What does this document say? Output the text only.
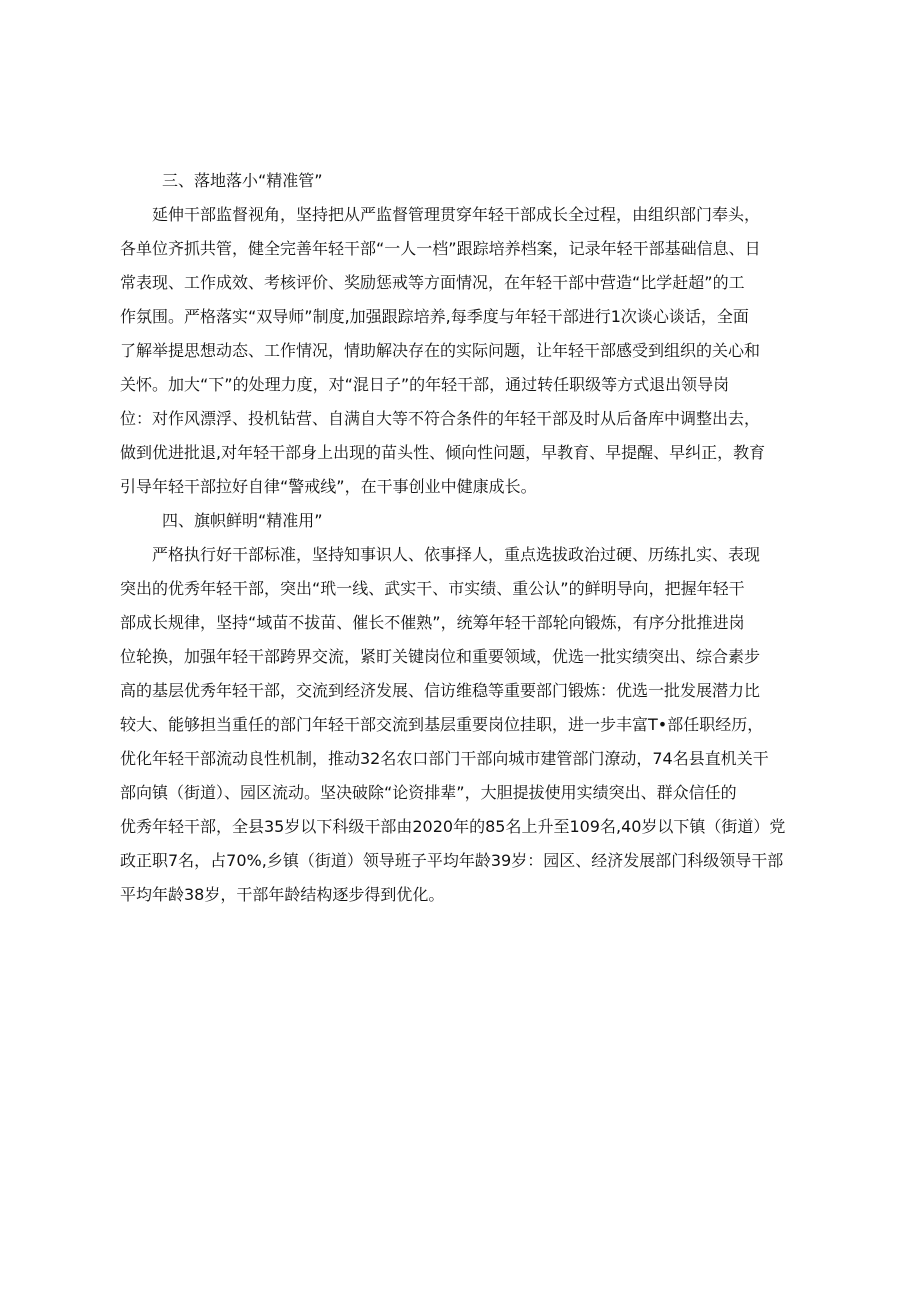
三、落地落小“精准管”

延伸干部监督视角，坚持把从严监督管理贯穿年轻干部成长全过程，由组织部门奉头，
各单位齐抓共管，健全完善年轻干部“一人一档”跟踪培养档案，记录年轻干部基础信息、日
常表现、工作成效、考核评价、奖励惩戒等方面情况，在年轻干部中营造“比学赶超”的工
作氛围。严格落实“双导师”制度,加强跟踪培养,每季度与年轻干部进行1次谈心谈话，全面
了解举提思想动态、工作情况，情助解决存在的实际问题，让年轻干部感受到组织的关心和
关怀。加大“下”的处理力度，对“混日子”的年轻干部，通过转任职级等方式退出领导岗
位：对作风漂浮、投机钻营、自满自大等不符合条件的年轻干部及时从后备库中调整出去，
做到优进批退,对年轻干部身上出现的苗头性、倾向性问题，早教育、早提醒、早纠正，教育
引导年轻干部拉好自律“警戒线”，在干事创业中健康成长。

四、旗帜鲜明“精准用”

严格执行好干部标准，坚持知事识人、依事择人，重点选拔政治过硬、历练扎实、表现
突出的优秀年轻干部，突出“玳一线、武实干、市实绩、重公认”的鲜明导向，把握年轻干
部成长规律，坚持“域苗不拔苗、催长不催熟”，统筹年轻干部轮向锻炼，有序分批推进岗
位轮换，加强年轻干部跨界交流，紧盯关键岗位和重要领域，优选一批实绩突出、综合素步
高的基层优秀年轻干部，交流到经济发展、信访维稳等重要部门锻炼：优选一批发展潜力比
较大、能够担当重任的部门年轻干部交流到基层重要岗位挂职，进一步丰富T•部任职经历，
优化年轻干部流动良性机制，推动32名农口部门干部向城市建管部门潦动，74名县直机关干
部向镇（街道）、园区流动。坚决破除“论资排辈”，大胆提拔使用实绩突出、群众信任的
优秀年轻干部，全县35岁以下科级干部由2020年的85名上升至109名,40岁以下镇（街道）党
政正职7名，占70%,乡镇（街道）领导班子平均年龄39岁：园区、经济发展部门科级领导干部
平均年龄38岁，干部年龄结构逐步得到优化。
